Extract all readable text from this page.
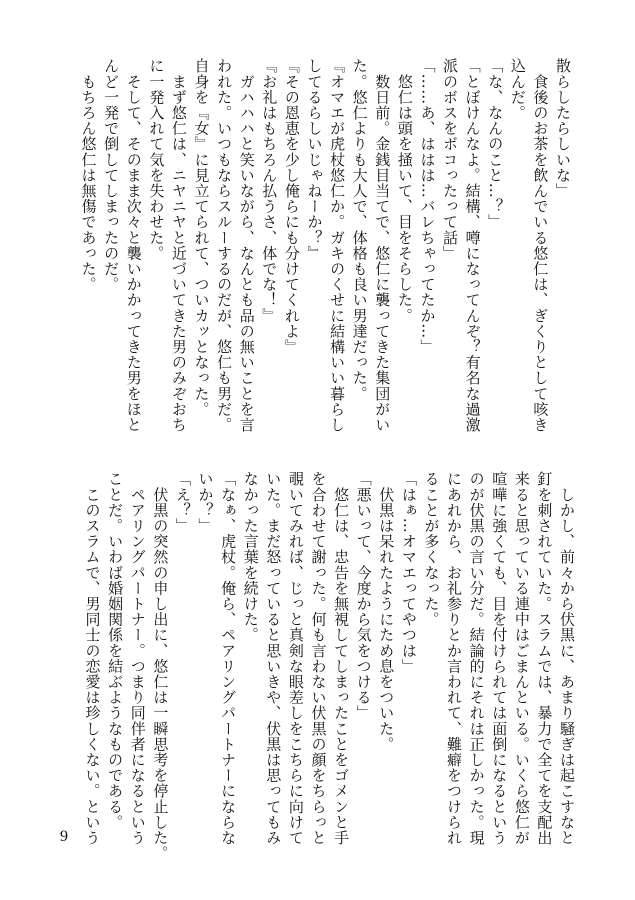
散らしたらしいな」

　食後のお茶を飲んでいる悠仁は、ぎくりとして咳き

込んだ。

「な、なんのこと…？」

「とぼけんなよ。結構、噂になってんぞ？有名な過激

派のボスをボコったって話」

「……あ、ははは…バレちゃってたか…」

　悠仁は頭を掻いて、目をそらした。

　数日前。金銭目当てで、悠仁に襲ってきた集団がい

た。悠仁よりも大人で、体格も良い男達だった。

『オマエが虎杖悠仁か。ガキのくせに結構いい暮らし

してるらしいじゃねーか？』

『その恩恵を少し俺らにも分けてくれよ』

『お礼はもちろん払うさ、体でな！』

　ガハハハと笑いながら、なんとも品の無いことを言

われた。いつもならスルーするのだが、悠仁も男だ。

自身を『女』に見立てられて、ついカッとなった。

　まず悠仁は、ニヤニヤと近づいてきた男のみぞおち

に一発入れて気を失わせた。

　そして、そのまま次々と襲いかかってきた男をほと

んど一発で倒してしまったのだ。

　もちろん悠仁は無傷であった。

　しかし、前々から伏黒に、あまり騒ぎは起こすなと

釘を刺されていた。スラムでは、暴力で全てを支配出

来ると思っている連中はごまんといる。いくら悠仁が

喧嘩に強くても、目を付けられては面倒になるという

のが伏黒の言い分だ。結論的にそれは正しかった。現

にあれから、お礼参りとか言われて、難癖をつけられ

ることが多くなった。

「はぁ…オマエってやつは」

　伏黒は呆れたようにため息をついた。

「悪いって、今度から気をつける」

　悠仁は、忠告を無視してしまったことをゴメンと手

を合わせて謝った。何も言わない伏黒の顔をちらっと

覗いてみれば、じっと真剣な眼差しをこちらに向けて

いた。まだ怒っていると思いきや、伏黒は思ってもみ

なかった言葉を続けた。

「なぁ、虎杖。俺ら、ペアリングパートナーにならな

いか？」

「え？」

　伏黒の突然の申し出に、悠仁は一瞬思考を停止した。

　ペアリングパートナー。つまり同伴者になるという

ことだ。いわば婚姻関係を結ぶようなものである。

　このスラムで、男同士の恋愛は珍しくない。という

9
